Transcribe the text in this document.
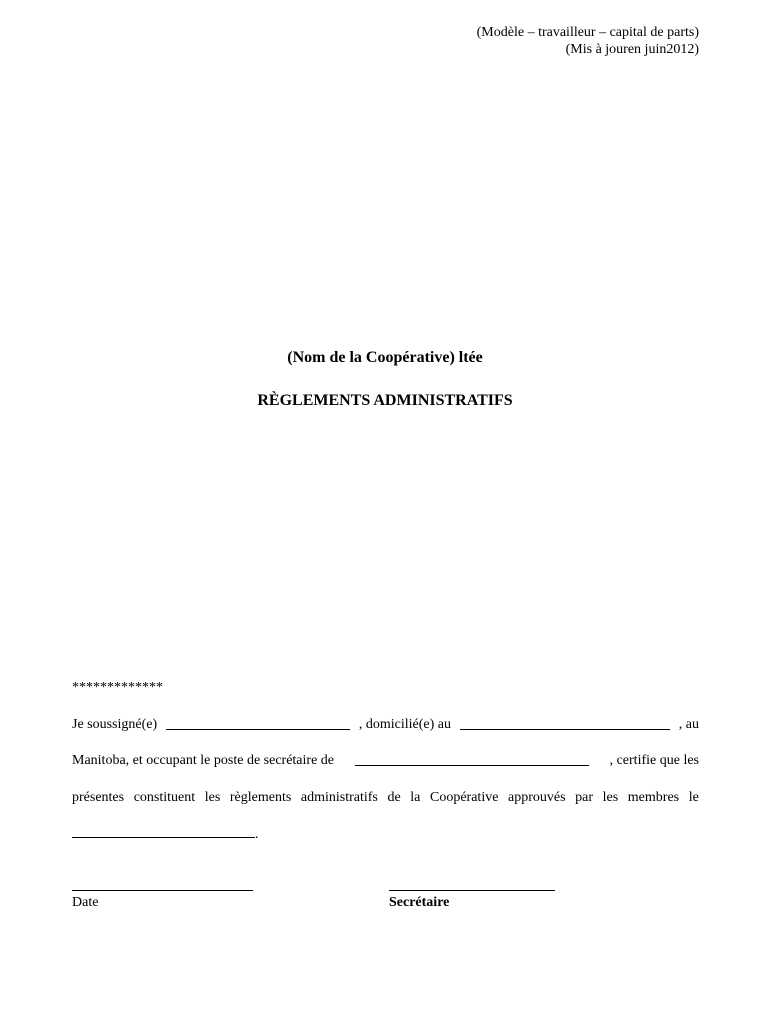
(Modèle – travailleur – capital de parts)
(Mis à jouren juin2012)
(Nom de la Coopérative) ltée
RÈGLEMENTS ADMINISTRATIFS
*************
Je soussigné(e)	, domicilié(e) au	, au
Manitoba, et occupant le poste de secrétaire de	, certifie que les
présentes constituent les règlements administratifs de la Coopérative approuvés par les membres le
.
Date	Secrétaire
